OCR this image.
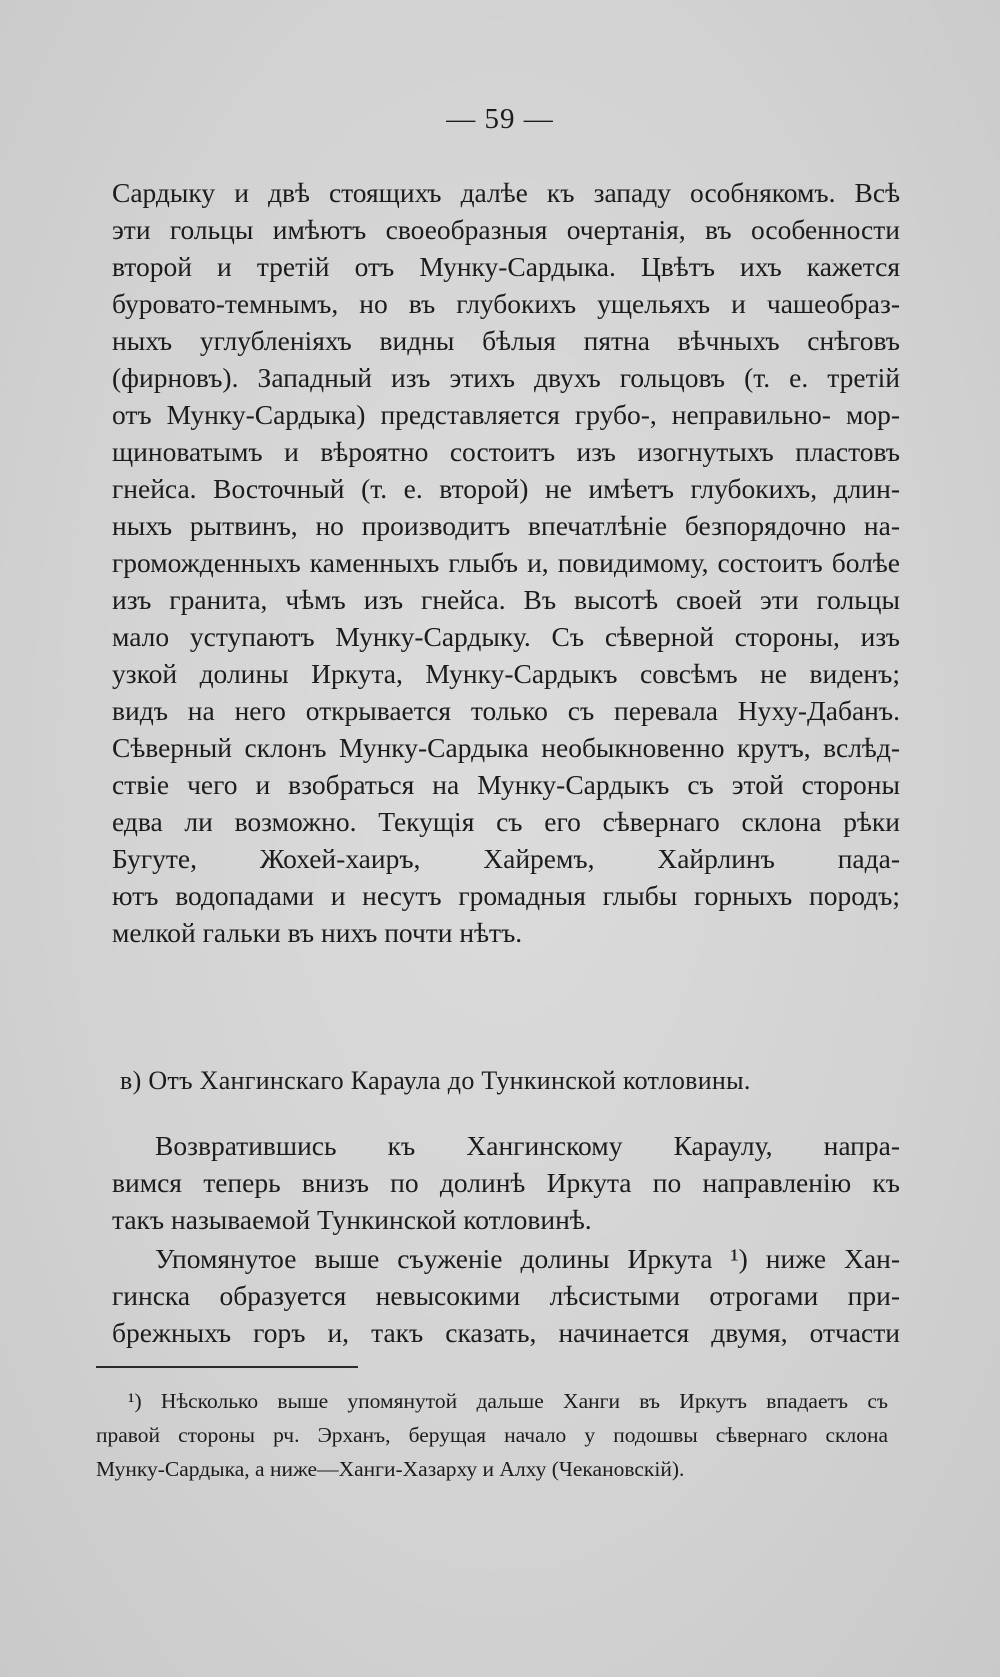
— 59 —
Сардыку и двѣ стоящихъ далѣе къ западу особнякомъ. Всѣ
эти гольцы имѣютъ своеобразныя очертанія, въ особенности
второй и третій отъ Мунку-Сардыка. Цвѣтъ ихъ кажется
буровато-темнымъ, но въ глубокихъ ущельяхъ и чашеобраз-
ныхъ углубленіяхъ видны бѣлыя пятна вѣчныхъ снѣговъ
(фирновъ). Западный изъ этихъ двухъ гольцовъ (т. е. третій
отъ Мунку-Сардыка) представляется грубо-, неправильно- мор-
щиноватымъ и вѣроятно состоитъ изъ изогнутыхъ пластовъ
гнейса. Восточный (т. е. второй) не имѣетъ глубокихъ, длин-
ныхъ рытвинъ, но производитъ впечатлѣніе безпорядочно на-
громожденныхъ каменныхъ глыбъ и, повидимому, состоитъ болѣе
изъ гранита, чѣмъ изъ гнейса. Въ высотѣ своей эти гольцы
мало уступаютъ Мунку-Сардыку. Съ сѣверной стороны, изъ
узкой долины Иркута, Мунку-Сардыкъ совсѣмъ не виденъ;
видъ на него открывается только съ перевала Нуху-Дабанъ.
Сѣверный склонъ Мунку-Сардыка необыкновенно крутъ, вслѣд-
ствіе чего и взобраться на Мунку-Сардыкъ съ этой стороны
едва ли возможно. Текущія съ его сѣвернаго склона рѣки
Бугуте, Жохей-хаиръ, Хайремъ, Хайрлинъ пада-
ютъ водопадами и несутъ громадныя глыбы горныхъ породъ;
мелкой гальки въ нихъ почти нѣтъ.
в) Отъ Хангинскаго Караула до Тункинской котловины.
Возвратившись къ Хангинскому Караулу, напра-
вимся теперь внизъ по долинѣ Иркута по направленію къ
такъ называемой Тункинской котловинѣ.
Упомянутое выше съуженіе долины Иркута ¹) ниже Хан-
гинска образуется невысокими лѣсистыми отрогами при-
брежныхъ горъ и, такъ сказать, начинается двумя, отчасти
¹) Нѣсколько выше упомянутой дальше Ханги въ Иркутъ впадаетъ съ
правой стороны рч. Эрханъ, берущая начало у подошвы сѣвернаго склона
Мунку-Сардыка, а ниже—Ханги-Хазарху и Алху (Чекановскій).
